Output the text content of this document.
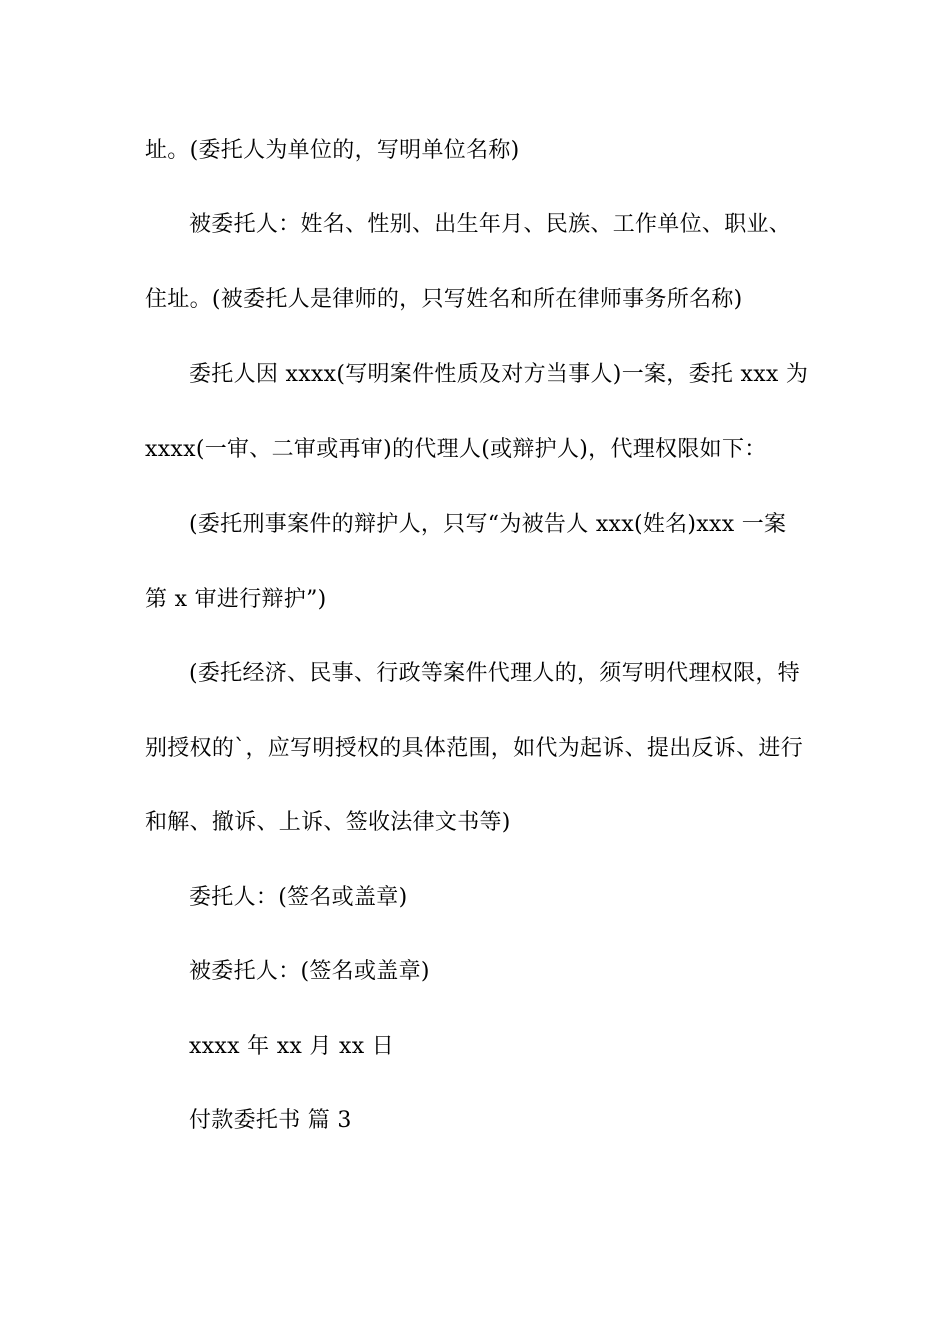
址。(委托人为单位的，写明单位名称)
被委托人：姓名、性别、出生年月、民族、工作单位、职业、
住址。(被委托人是律师的，只写姓名和所在律师事务所名称)
委托人因 xxxx(写明案件性质及对方当事人)一案，委托 xxx 为
xxxx(一审、二审或再审)的代理人(或辩护人)，代理权限如下：
(委托刑事案件的辩护人，只写“为被告人 xxx(姓名)xxx 一案
第 x 审进行辩护”)
(委托经济、民事、行政等案件代理人的，须写明代理权限，特
别授权的`，应写明授权的具体范围，如代为起诉、提出反诉、进行
和解、撤诉、上诉、签收法律文书等)
委托人：(签名或盖章)
被委托人：(签名或盖章)
xxxx 年 xx 月 xx 日
付款委托书 篇 3
